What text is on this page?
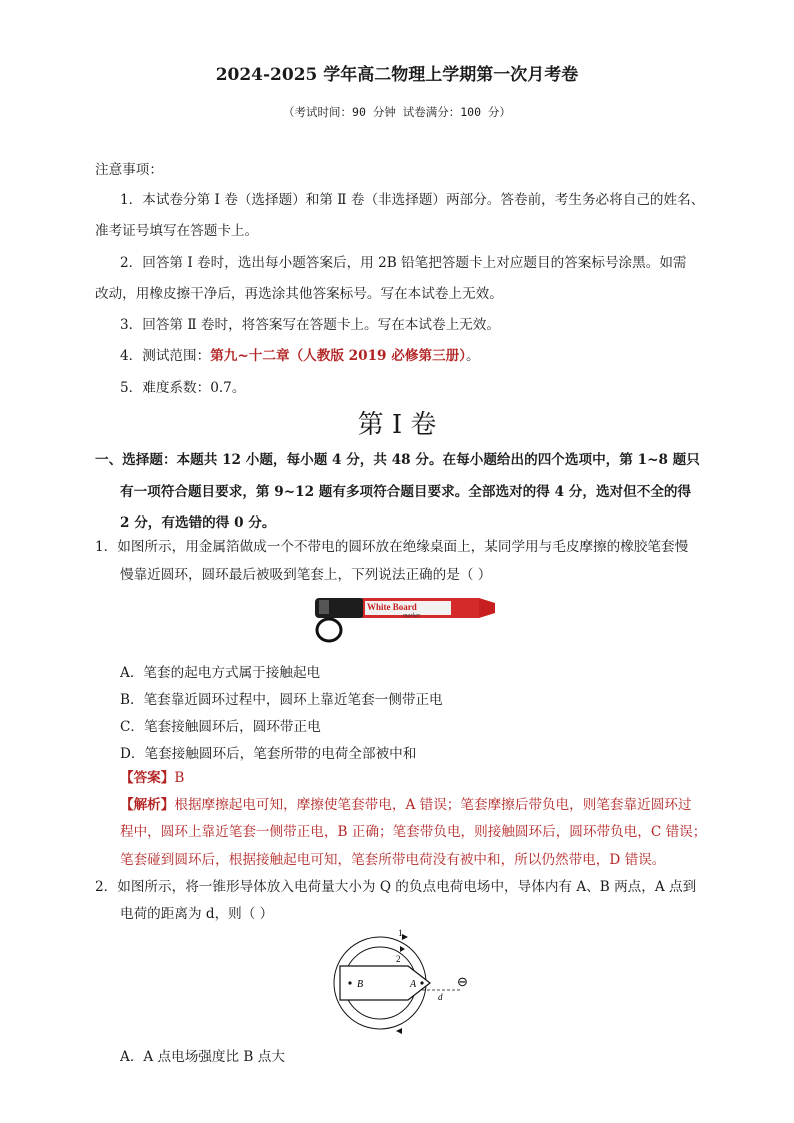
2024-2025 学年高二物理上学期第一次月考卷
（考试时间：90 分钟 试卷满分：100 分）
注意事项：
1．本试卷分第 I 卷（选择题）和第 Ⅱ 卷（非选择题）两部分。答卷前，考生务必将自己的姓名、
准考证号填写在答题卡上。
2．回答第 I 卷时，选出每小题答案后，用 2B 铅笔把答题卡上对应题目的答案标号涂黑。如需
改动，用橡皮擦干净后，再选涂其他答案标号。写在本试卷上无效。
3．回答第 Ⅱ 卷时，将答案写在答题卡上。写在本试卷上无效。
4．测试范围：第九~十二章（人教版 2019 必修第三册）。
5．难度系数：0.7。
第 I 卷
一、选择题：本题共 12 小题，每小题 4 分，共 48 分。在每小题给出的四个选项中，第 1~8 题只
有一项符合题目要求，第 9~12 题有多项符合题目要求。全部选对的得 4 分，选对但不全的得
2 分，有选错的得 0 分。
1．如图所示，用金属箔做成一个不带电的圆环放在绝缘桌面上，某同学用与毛皮摩擦的橡胶笔套慢
慢靠近圆环，圆环最后被吸到笔套上，下列说法正确的是（ ）
White Board
marker
A．笔套的起电方式属于接触起电
B．笔套靠近圆环过程中，圆环上靠近笔套一侧带正电
C．笔套接触圆环后，圆环带正电
D．笔套接触圆环后，笔套所带的电荷全部被中和
【答案】B
【解析】根据摩擦起电可知，摩擦使笔套带电，A 错误；笔套摩擦后带负电，则笔套靠近圆环过
程中，圆环上靠近笔套一侧带正电，B 正确；笔套带负电，则接触圆环后，圆环带负电，C 错误；
笔套碰到圆环后，根据接触起电可知，笔套所带电荷没有被中和，所以仍然带电，D 错误。
2．如图所示，将一锥形导体放入电荷量大小为 Q 的负点电荷电场中，导体内有 A、B 两点，A 点到
电荷的距离为 d，则（ ）
1
2
B	A
d
⊖
A．A 点电场强度比 B 点大
